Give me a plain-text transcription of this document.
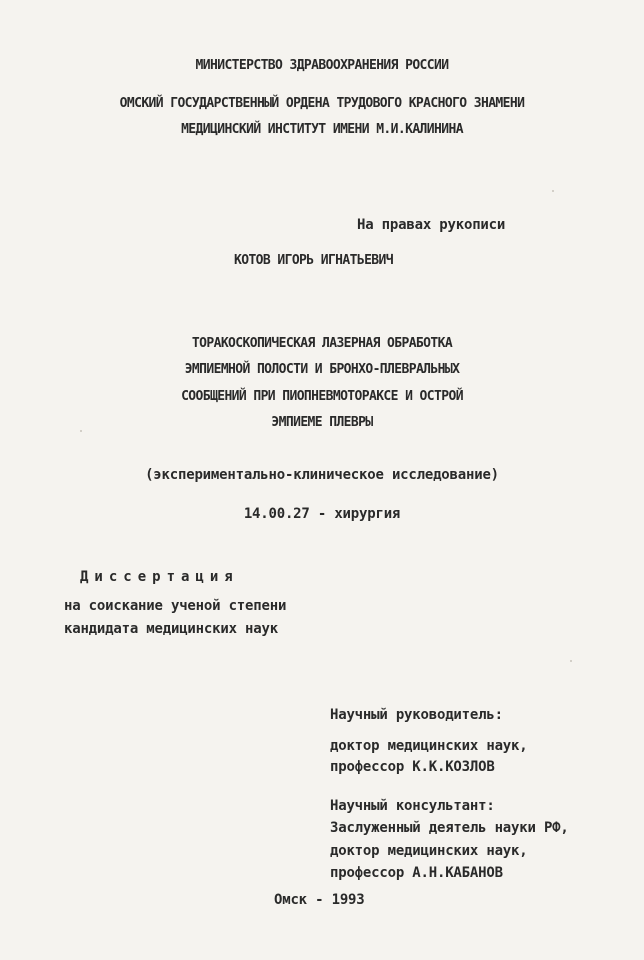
МИНИСТЕРСТВО ЗДРАВООХРАНЕНИЯ РОССИИ
ОМСКИЙ ГОСУДАРСТВЕННЫЙ ОРДЕНА ТРУДОВОГО КРАСНОГО ЗНАМЕНИ
МЕДИЦИНСКИЙ ИНСТИТУТ ИМЕНИ М.И.КАЛИНИНА
На правах рукописи
КОТОВ ИГОРЬ ИГНАТЬЕВИЧ
ТОРАКОСКОПИЧЕСКАЯ ЛАЗЕРНАЯ ОБРАБОТКА
ЭМПИЕМНОЙ ПОЛОСТИ И БРОНХО-ПЛЕВРАЛЬНЫХ
СООБЩЕНИЙ ПРИ ПИОПНЕВМОТОРАКСЕ И ОСТРОЙ
ЭМПИЕМЕ ПЛЕВРЫ
(экспериментально-клиническое исследование)
14.00.27 - хирургия
Диссертация
на соискание ученой степени
кандидата медицинских наук
Научный руководитель:
доктор медицинских наук,
профессор К.К.КОЗЛОВ
Научный консультант:
Заслуженный деятель науки РФ,
доктор медицинских наук,
профессор А.Н.КАБАНОВ
Омск - 1993
